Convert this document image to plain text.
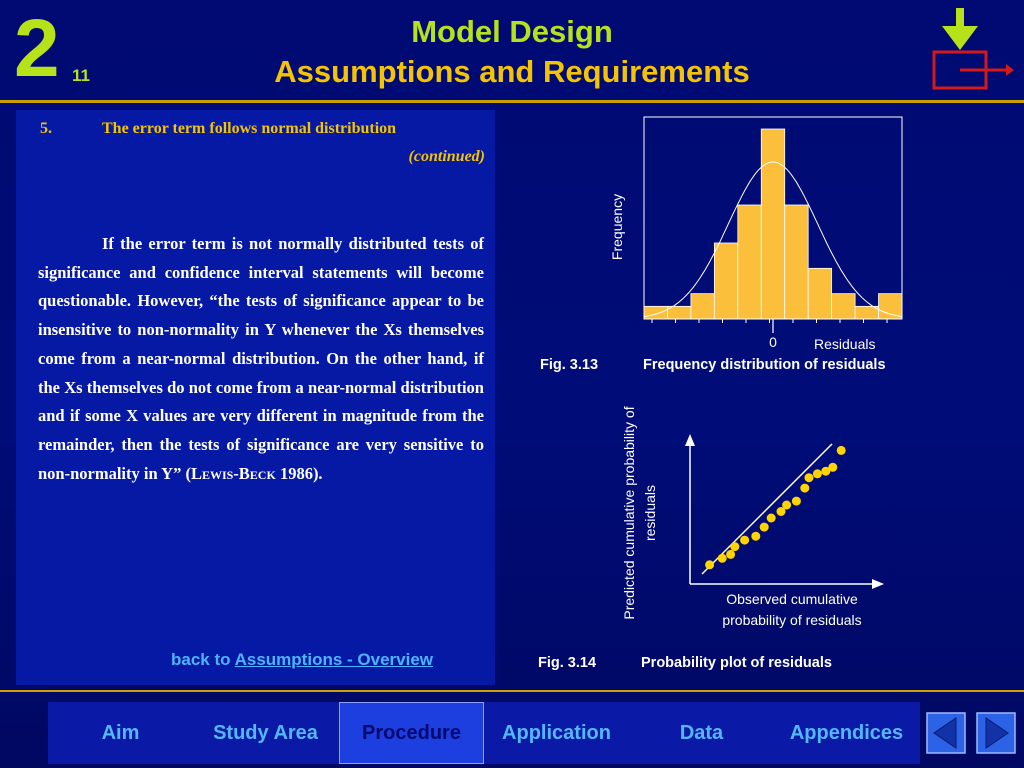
2 11
Model Design
Assumptions and Requirements
5.	The error term follows normal distribution
(continued)

If the error term is not normally distributed tests of significance and confidence interval statements will become questionable. However, “the tests of significance appear to be insensitive to non-normality in Y whenever the Xs themselves come from a near-normal distribution. On the other hand, if the Xs themselves do not come from a near-normal distribution and if some X values are very different in magnitude from the remainder, then the tests of significance are very sensitive to non-normality in Y” (Lewis-Beck 1986).

back to Assumptions - Overview
0	Residuals
Frequency
Fig. 3.13	Frequency distribution of residuals
Predicted cumulative probability of residuals
Observed cumulative probability of residuals
Fig. 3.14	Probability plot of residuals
Aim	Study Area	Procedure	Application	Data	Appendices
